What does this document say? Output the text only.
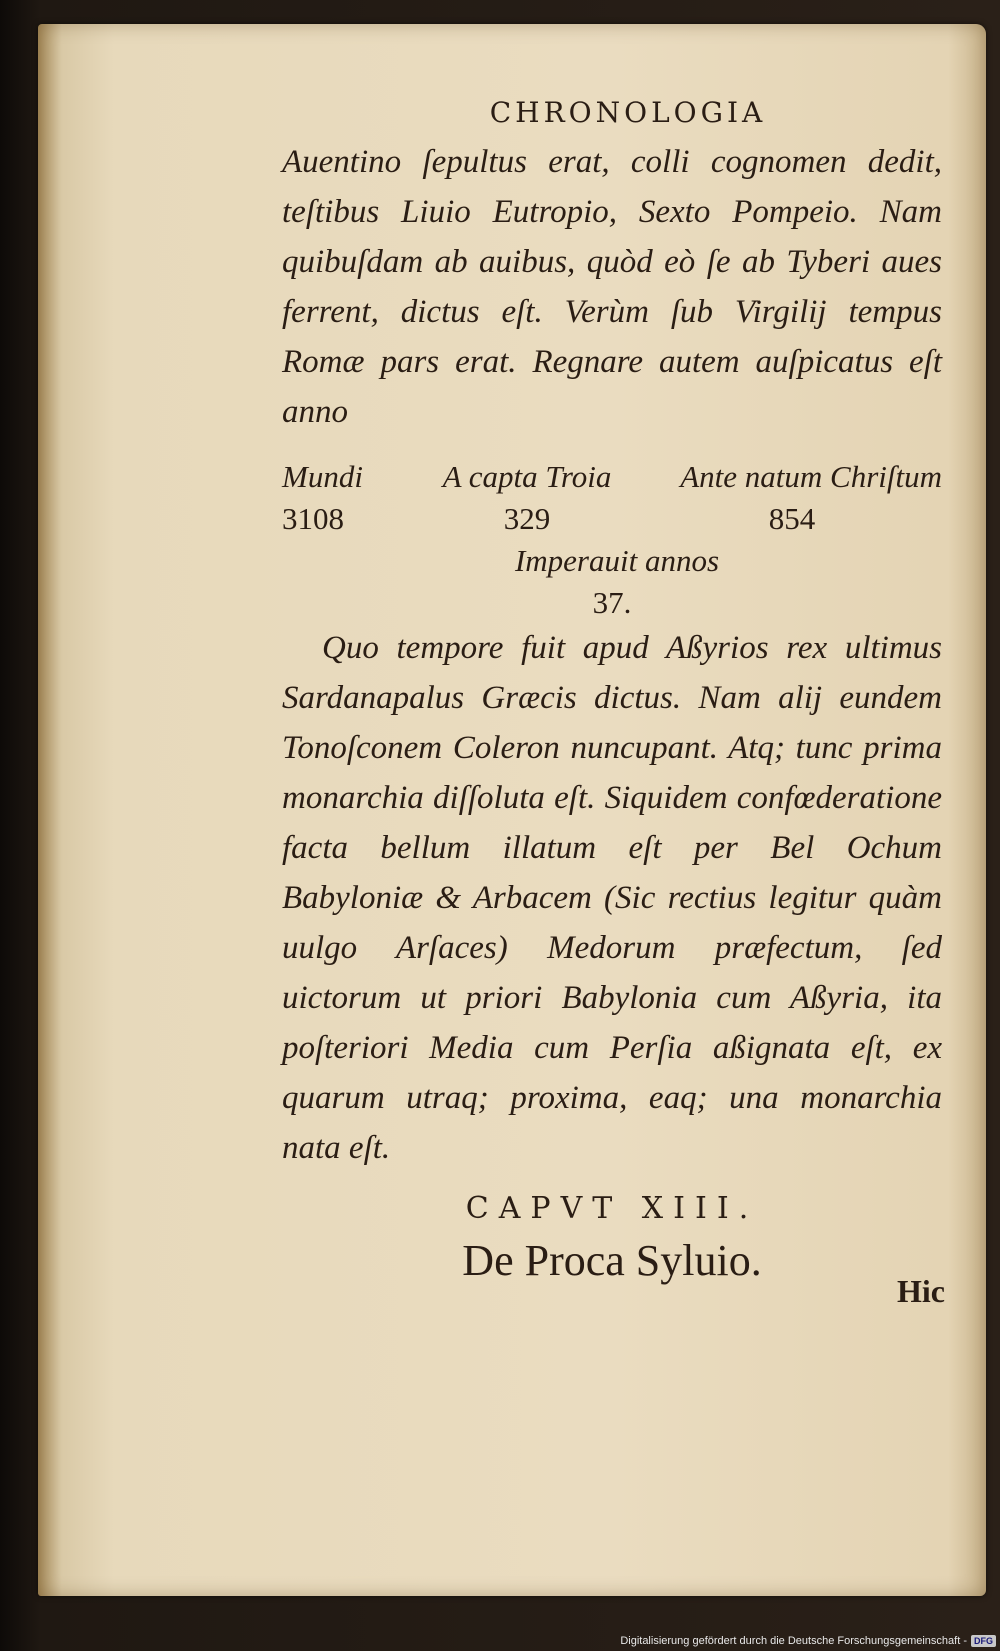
CHRONOLOGIA

Auentino ſepultus erat, colli cognomen dedit, teſtibus Liuio Eutropio, Sexto Pompeio. Nam quibuſdam ab auibus, quòd eò ſe ab Tyberi aues ferrent, dictus eſt. Verùm ſub Virgilij tempus Romæ pars erat. Regnare autem auſpicatus eſt anno

Mundi	A capta Troia	Ante natum Chriſtum
3108	329	854
Imperauit annos
37.

Quo tempore fuit apud Aßyrios rex ultimus Sardanapalus Græcis dictus. Nam alij eundem Tonoſconem Coleron nuncupant. Atq; tunc prima monarchia diſſoluta eſt. Siquidem confœderatione facta bellum illatum eſt per Bel Ochum Babyloniæ & Arbacem (Sic rectius legitur quàm uulgo Arſaces) Medorum præfectum, ſed uictorum ut priori Babylonia cum Aßyria, ita poſteriori Media cum Perſia aßignata eſt, ex quarum utraq; proxima, eaq; una monarchia nata eſt.

CAPVT XIII.
De Proca Syluio.
Hic
Digitalisierung gefördert durch die Deutsche Forschungsgemeinschaft - DFG
